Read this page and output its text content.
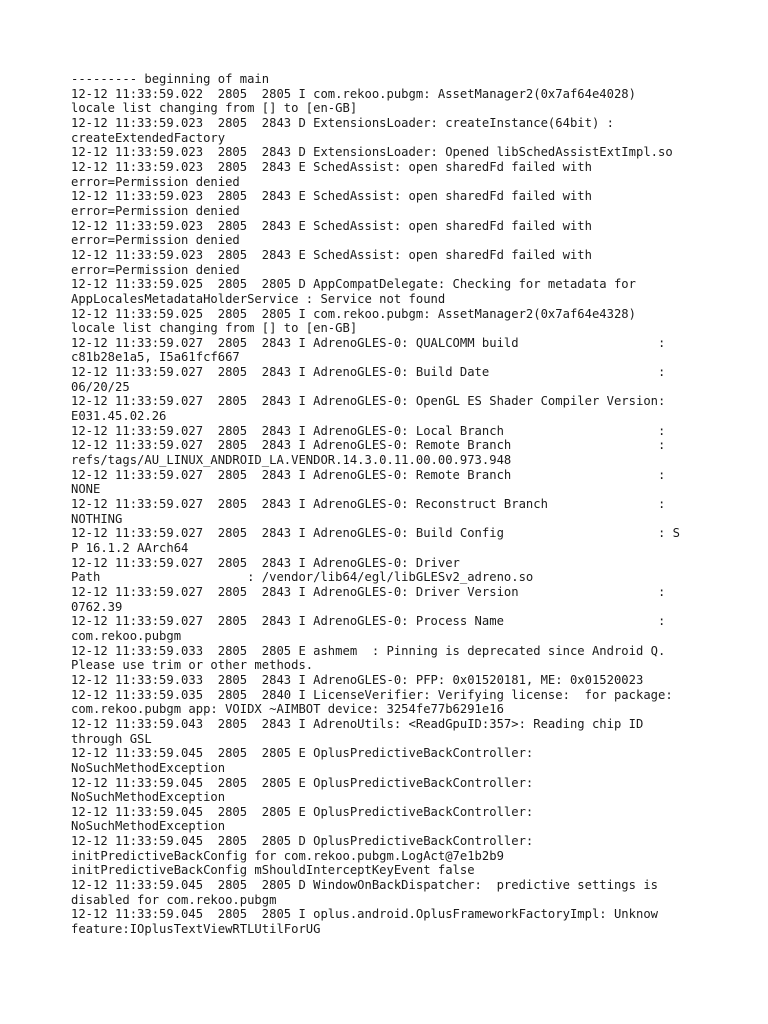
--------- beginning of main
12-12 11:33:59.022  2805  2805 I com.rekoo.pubgm: AssetManager2(0x7af64e4028)
locale list changing from [] to [en-GB]
12-12 11:33:59.023  2805  2843 D ExtensionsLoader: createInstance(64bit) :
createExtendedFactory
12-12 11:33:59.023  2805  2843 D ExtensionsLoader: Opened libSchedAssistExtImpl.so
12-12 11:33:59.023  2805  2843 E SchedAssist: open sharedFd failed with
error=Permission denied
12-12 11:33:59.023  2805  2843 E SchedAssist: open sharedFd failed with
error=Permission denied
12-12 11:33:59.023  2805  2843 E SchedAssist: open sharedFd failed with
error=Permission denied
12-12 11:33:59.023  2805  2843 E SchedAssist: open sharedFd failed with
error=Permission denied
12-12 11:33:59.025  2805  2805 D AppCompatDelegate: Checking for metadata for
AppLocalesMetadataHolderService : Service not found
12-12 11:33:59.025  2805  2805 I com.rekoo.pubgm: AssetManager2(0x7af64e4328)
locale list changing from [] to [en-GB]
12-12 11:33:59.027  2805  2843 I AdrenoGLES-0: QUALCOMM build                   :
c81b28e1a5, I5a61fcf667
12-12 11:33:59.027  2805  2843 I AdrenoGLES-0: Build Date                       :
06/20/25
12-12 11:33:59.027  2805  2843 I AdrenoGLES-0: OpenGL ES Shader Compiler Version:
E031.45.02.26
12-12 11:33:59.027  2805  2843 I AdrenoGLES-0: Local Branch                     :
12-12 11:33:59.027  2805  2843 I AdrenoGLES-0: Remote Branch                    :
refs/tags/AU_LINUX_ANDROID_LA.VENDOR.14.3.0.11.00.00.973.948
12-12 11:33:59.027  2805  2843 I AdrenoGLES-0: Remote Branch                    :
NONE
12-12 11:33:59.027  2805  2843 I AdrenoGLES-0: Reconstruct Branch               :
NOTHING
12-12 11:33:59.027  2805  2843 I AdrenoGLES-0: Build Config                     : S
P 16.1.2 AArch64
12-12 11:33:59.027  2805  2843 I AdrenoGLES-0: Driver
Path                    : /vendor/lib64/egl/libGLESv2_adreno.so
12-12 11:33:59.027  2805  2843 I AdrenoGLES-0: Driver Version                   :
0762.39
12-12 11:33:59.027  2805  2843 I AdrenoGLES-0: Process Name                     :
com.rekoo.pubgm
12-12 11:33:59.033  2805  2805 E ashmem  : Pinning is deprecated since Android Q.
Please use trim or other methods.
12-12 11:33:59.033  2805  2843 I AdrenoGLES-0: PFP: 0x01520181, ME: 0x01520023
12-12 11:33:59.035  2805  2840 I LicenseVerifier: Verifying license:  for package:
com.rekoo.pubgm app: VOIDX ~AIMBOT device: 3254fe77b6291e16
12-12 11:33:59.043  2805  2843 I AdrenoUtils: <ReadGpuID:357>: Reading chip ID
through GSL
12-12 11:33:59.045  2805  2805 E OplusPredictiveBackController:
NoSuchMethodException
12-12 11:33:59.045  2805  2805 E OplusPredictiveBackController:
NoSuchMethodException
12-12 11:33:59.045  2805  2805 E OplusPredictiveBackController:
NoSuchMethodException
12-12 11:33:59.045  2805  2805 D OplusPredictiveBackController:
initPredictiveBackConfig for com.rekoo.pubgm.LogAct@7e1b2b9
initPredictiveBackConfig mShouldInterceptKeyEvent false
12-12 11:33:59.045  2805  2805 D WindowOnBackDispatcher:  predictive settings is
disabled for com.rekoo.pubgm
12-12 11:33:59.045  2805  2805 I oplus.android.OplusFrameworkFactoryImpl: Unknow
feature:IOplusTextViewRTLUtilForUG
